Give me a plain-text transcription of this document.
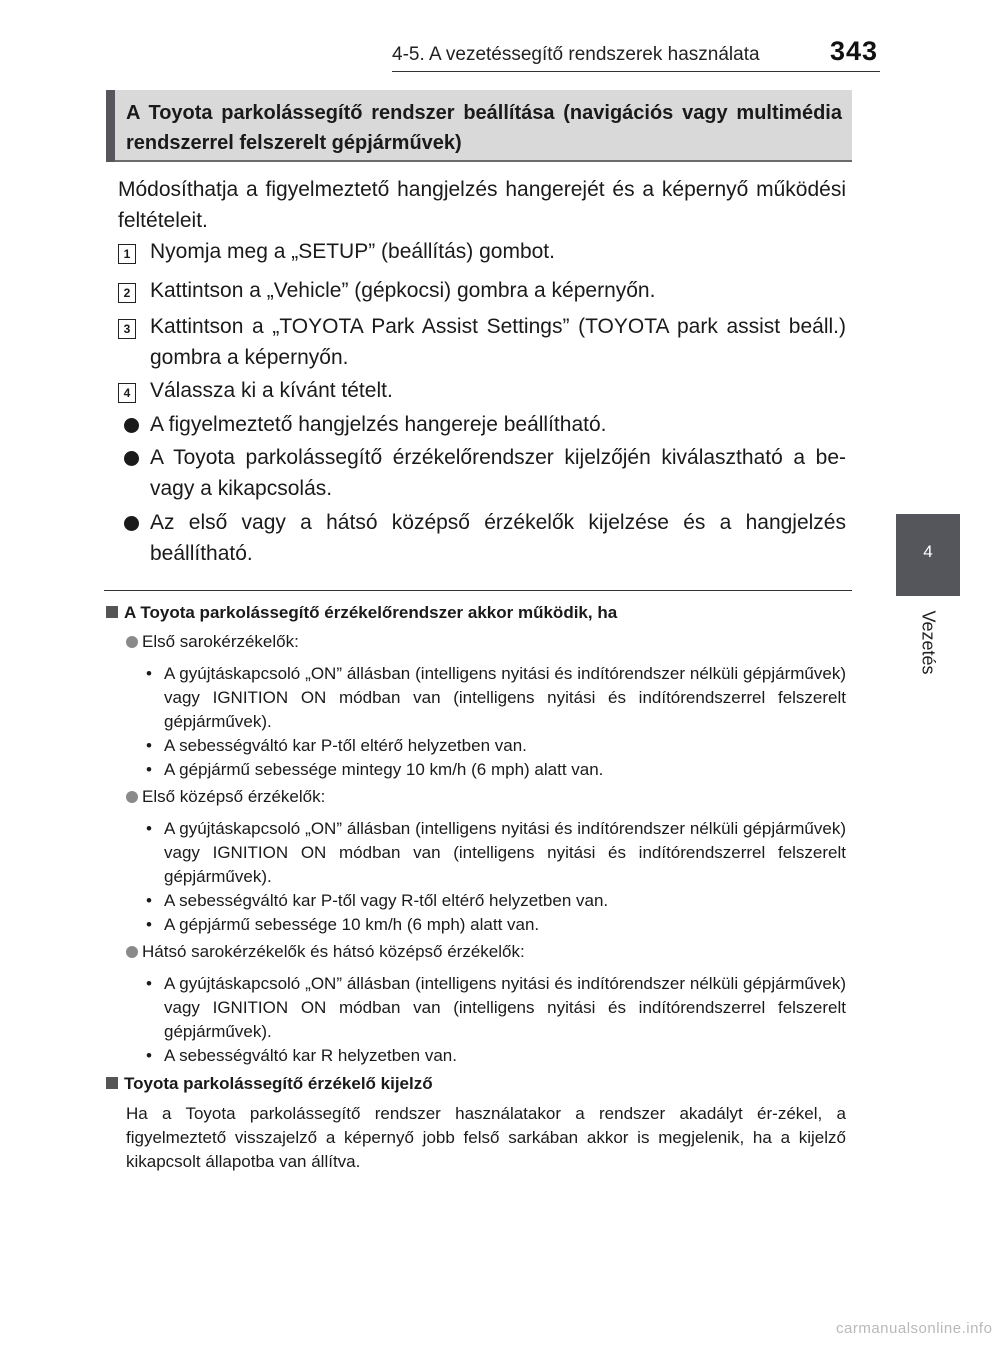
4-5. A vezetéssegítő rendszerek használata	343
4
Vezetés
A Toyota parkolássegítő rendszer beállítása (navigációs vagy multimédia rendszerrel felszerelt gépjárművek)
Módosíthatja a figyelmeztető hangjelzés hangerejét és a képernyő működési feltételeit.
1 Nyomja meg a „SETUP” (beállítás) gombot.
2 Kattintson a „Vehicle” (gépkocsi) gombra a képernyőn.
3 Kattintson a „TOYOTA Park Assist Settings” (TOYOTA park assist beáll.) gombra a képernyőn.
4 Válassza ki a kívánt tételt.
A figyelmeztető hangjelzés hangereje beállítható.
A Toyota parkolássegítő érzékelőrendszer kijelzőjén kiválasztható a be- vagy a kikapcsolás.
Az első vagy a hátsó középső érzékelők kijelzése és a hangjelzés beállítható.
A Toyota parkolássegítő érzékelőrendszer akkor működik, ha
Első sarokérzékelők:
• A gyújtáskapcsoló „ON” állásban (intelligens nyitási és indítórendszer nélküli gépjárművek) vagy IGNITION ON módban van (intelligens nyitási és indítórendszerrel felszerelt gépjárművek).
• A sebességváltó kar P-től eltérő helyzetben van.
• A gépjármű sebessége mintegy 10 km/h (6 mph) alatt van.
Első középső érzékelők:
• A gyújtáskapcsoló „ON” állásban (intelligens nyitási és indítórendszer nélküli gépjárművek) vagy IGNITION ON módban van (intelligens nyitási és indítórendszerrel felszerelt gépjárművek).
• A sebességváltó kar P-től vagy R-től eltérő helyzetben van.
• A gépjármű sebessége 10 km/h (6 mph) alatt van.
Hátsó sarokérzékelők és hátsó középső érzékelők:
• A gyújtáskapcsoló „ON” állásban (intelligens nyitási és indítórendszer nélküli gépjárművek) vagy IGNITION ON módban van (intelligens nyitási és indítórendszerrel felszerelt gépjárművek).
• A sebességváltó kar R helyzetben van.
Toyota parkolássegítő érzékelő kijelző
Ha a Toyota parkolássegítő rendszer használatakor a rendszer akadályt ér-zékel, a figyelmeztető visszajelző a képernyő jobb felső sarkában akkor is megjelenik, ha a kijelző kikapcsolt állapotba van állítva.
carmanualsonline.info
